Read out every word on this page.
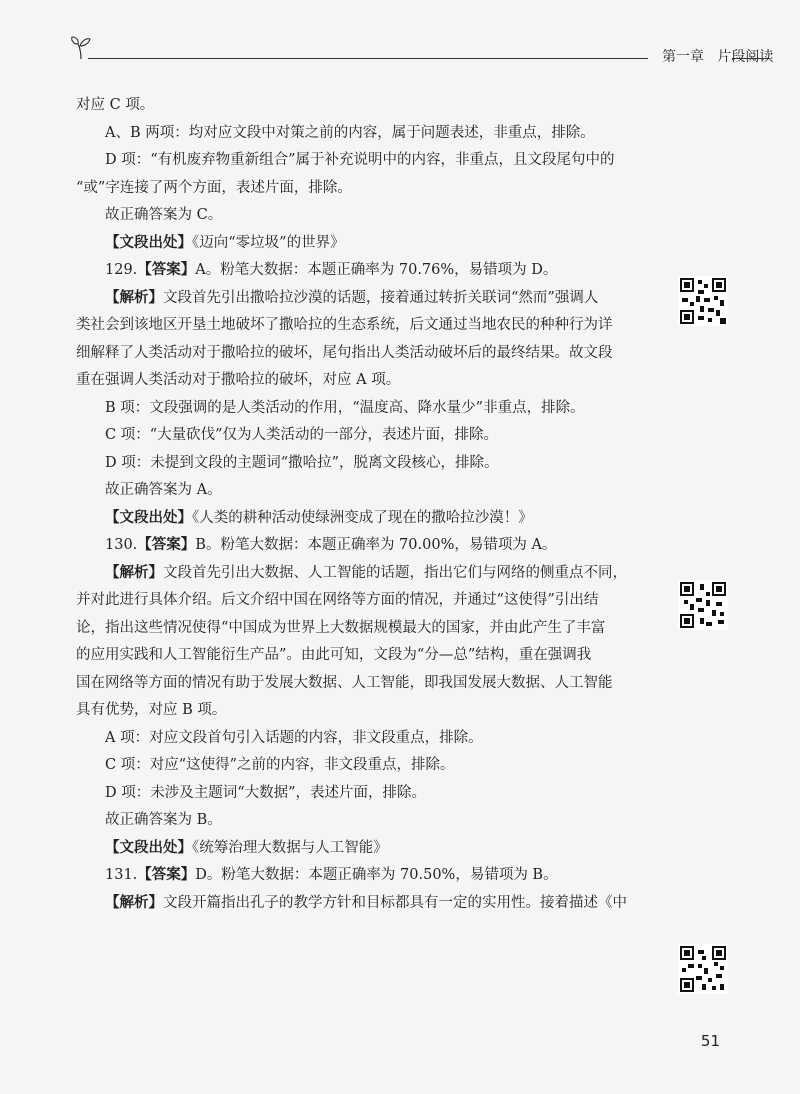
第一章 片段阅读

对应 C 项。

A、B 两项：均对应文段中对策之前的内容，属于问题表述，非重点，排除。

D 项：“有机废弃物重新组合”属于补充说明中的内容，非重点，且文段尾句中的

“或”字连接了两个方面，表述片面，排除。

故正确答案为 C。

【文段出处】《迈向“零垃圾”的世界》

129.【答案】A。粉笔大数据：本题正确率为 70.76%，易错项为 D。

【解析】文段首先引出撒哈拉沙漠的话题，接着通过转折关联词“然而”强调人

类社会到该地区开垦土地破坏了撒哈拉的生态系统，后文通过当地农民的种种行为详

细解释了人类活动对于撒哈拉的破坏，尾句指出人类活动破坏后的最终结果。故文段

重在强调人类活动对于撒哈拉的破坏，对应 A 项。

B 项：文段强调的是人类活动的作用，“温度高、降水量少”非重点，排除。

C 项：“大量砍伐”仅为人类活动的一部分，表述片面，排除。

D 项：未提到文段的主题词“撒哈拉”，脱离文段核心，排除。

故正确答案为 A。

【文段出处】《人类的耕种活动使绿洲变成了现在的撒哈拉沙漠！》

130.【答案】B。粉笔大数据：本题正确率为 70.00%，易错项为 A。

【解析】文段首先引出大数据、人工智能的话题，指出它们与网络的侧重点不同，

并对此进行具体介绍。后文介绍中国在网络等方面的情况，并通过“这使得”引出结

论，指出这些情况使得“中国成为世界上大数据规模最大的国家，并由此产生了丰富

的应用实践和人工智能衍生产品”。由此可知，文段为“分—总”结构，重在强调我

国在网络等方面的情况有助于发展大数据、人工智能，即我国发展大数据、人工智能

具有优势，对应 B 项。

A 项：对应文段首句引入话题的内容，非文段重点，排除。

C 项：对应“这使得”之前的内容，非文段重点，排除。

D 项：未涉及主题词“大数据”，表述片面，排除。

故正确答案为 B。

【文段出处】《统筹治理大数据与人工智能》

131.【答案】D。粉笔大数据：本题正确率为 70.50%，易错项为 B。

【解析】文段开篇指出孔子的教学方针和目标都具有一定的实用性。接着描述《中

51
